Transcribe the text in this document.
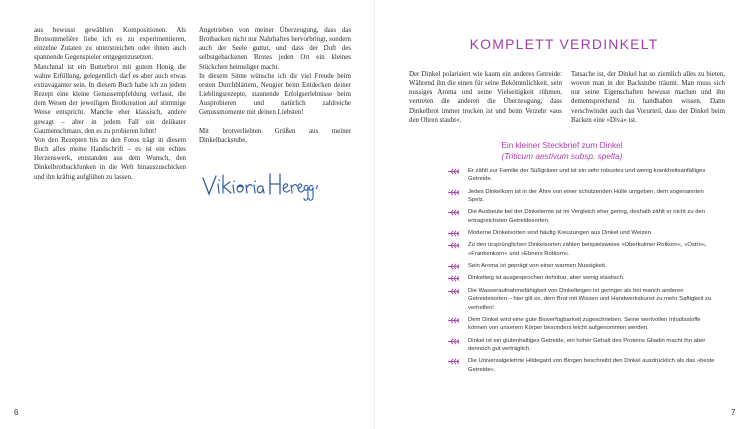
aus bewusst gewählten Kompositionen. Als Brotsommelière liebe ich es zu experimentieren, einzelne Zutaten zu unterstreichen oder ihnen auch spannende Gegenspieler entgegenzusetzen.

Manchmal ist ein Butterbrot mit gutem Honig die wahre Erfüllung, gelegentlich darf es aber auch etwas extravaganter sein. In diesem Buch habe ich zu jedem Rezept eine kleine Genussempfehlung verfasst, die dem Wesen der jeweiligen Brotkreation auf stimmige Weise entspricht. Manche eher klassisch, andere gewagt – aber in jedem Fall ein delikater Gaumenschmaus, den es zu probieren lohnt!

Von den Rezepten bis zu den Fotos trägt in diesem Buch alles meine Handschrift – es ist ein echtes Herzenswerk, entstanden aus dem Wunsch, den Dinkelbrotbackfunken in die Welt hinauszuschicken und ihn kräftig aufglühen zu lassen.

Angetrieben von meiner Überzeugung, dass das Brotbacken nicht nur Nahrhaftes hervorbringt, sondern auch der Seele guttut, und dass der Duft des selbstgebackenen Brotes jeden Ort ein kleines Stückchen heimeliger macht.

In diesem Sinne wünsche ich dir viel Freude beim ersten Durchblättern, Neugier beim Entdecken deiner Lieblingsrezepte, staunende Erfolgserlebnisse beim Ausprobieren und natürlich zahlreiche Genussmomente mit deinen Liebsten!

Mit brotverliebten Grüßen aus meiner Dinkelbackstube,

6
KOMPLETT VERDINKELT

Der Dinkel polarisiert wie kaum ein anderes Getreide: Während ihn die einen für seine Bekömmlichkeit, sein nussiges Aroma und seine Vielseitigkeit rühmen, vertreten die anderen die Überzeugung, dass Dinkelbrot immer trocken ist und beim Verzehr »aus den Ohren staubt«.

Tatsache ist, der Dinkel hat so ziemlich alles zu bieten, wovon man in der Backstube träumt. Man muss sich nur seine Eigenschaften bewusst machen und ihn dementsprechend zu handhaben wissen. Dann verschwindet auch das Vorurteil, dass der Dinkel beim Backen eine »Diva« ist.

Ein kleiner Steckbrief zum Dinkel
(Triticum aestivum subsp. spelta)
Er zählt zur Familie der Süßgräser und ist ein sehr robustes und wenig krankheitsanfälliges Getreide.
Jedes Dinkelkorn ist in der Ähre von einer schützenden Hülle umgeben, dem sogenannten Spelz.
Die Ausbeute bei der Dinkelernte ist im Vergleich eher gering, deshalb zählt er nicht zu den ertragreichsten Getreidesorten.
Moderne Dinkelsorten sind häufig Kreuzungen aus Dinkel und Weizen.
Zu den ursprünglichen Dinkelsorten zählen beispielsweise »Oberkulmer Rotkorn«, »Ostro«, »Frankenkorn« und »Ebners Rotkorn«.
Sein Aroma ist geprägt von einer warmen Nussigkeit.
Dinkelteig ist ausgesprochen dehnbar, aber wenig elastisch.
Die Wasseraufnahmefähigkeit von Dinkelteigen ist geringer als bei manch anderen Getreidesorten – hier gilt es, dem Brot mit Wissen und Handwerkskunst zu mehr Saftigkeit zu verhelfen!
Dem Dinkel wird eine gute Bioverfügbarkeit zugeschrieben. Seine wertvollen Inhaltsstoffe können von unserem Körper besonders leicht aufgenommen werden.
Dinkel ist ein glutenhaltiges Getreide, ein hoher Gehalt des Proteins Gliadin macht ihn aber dennoch gut verträglich.
Die Universalgelehrte Hildegard von Bingen beschreibt den Dinkel ausdrücklich als das »beste Getreide«.
7
